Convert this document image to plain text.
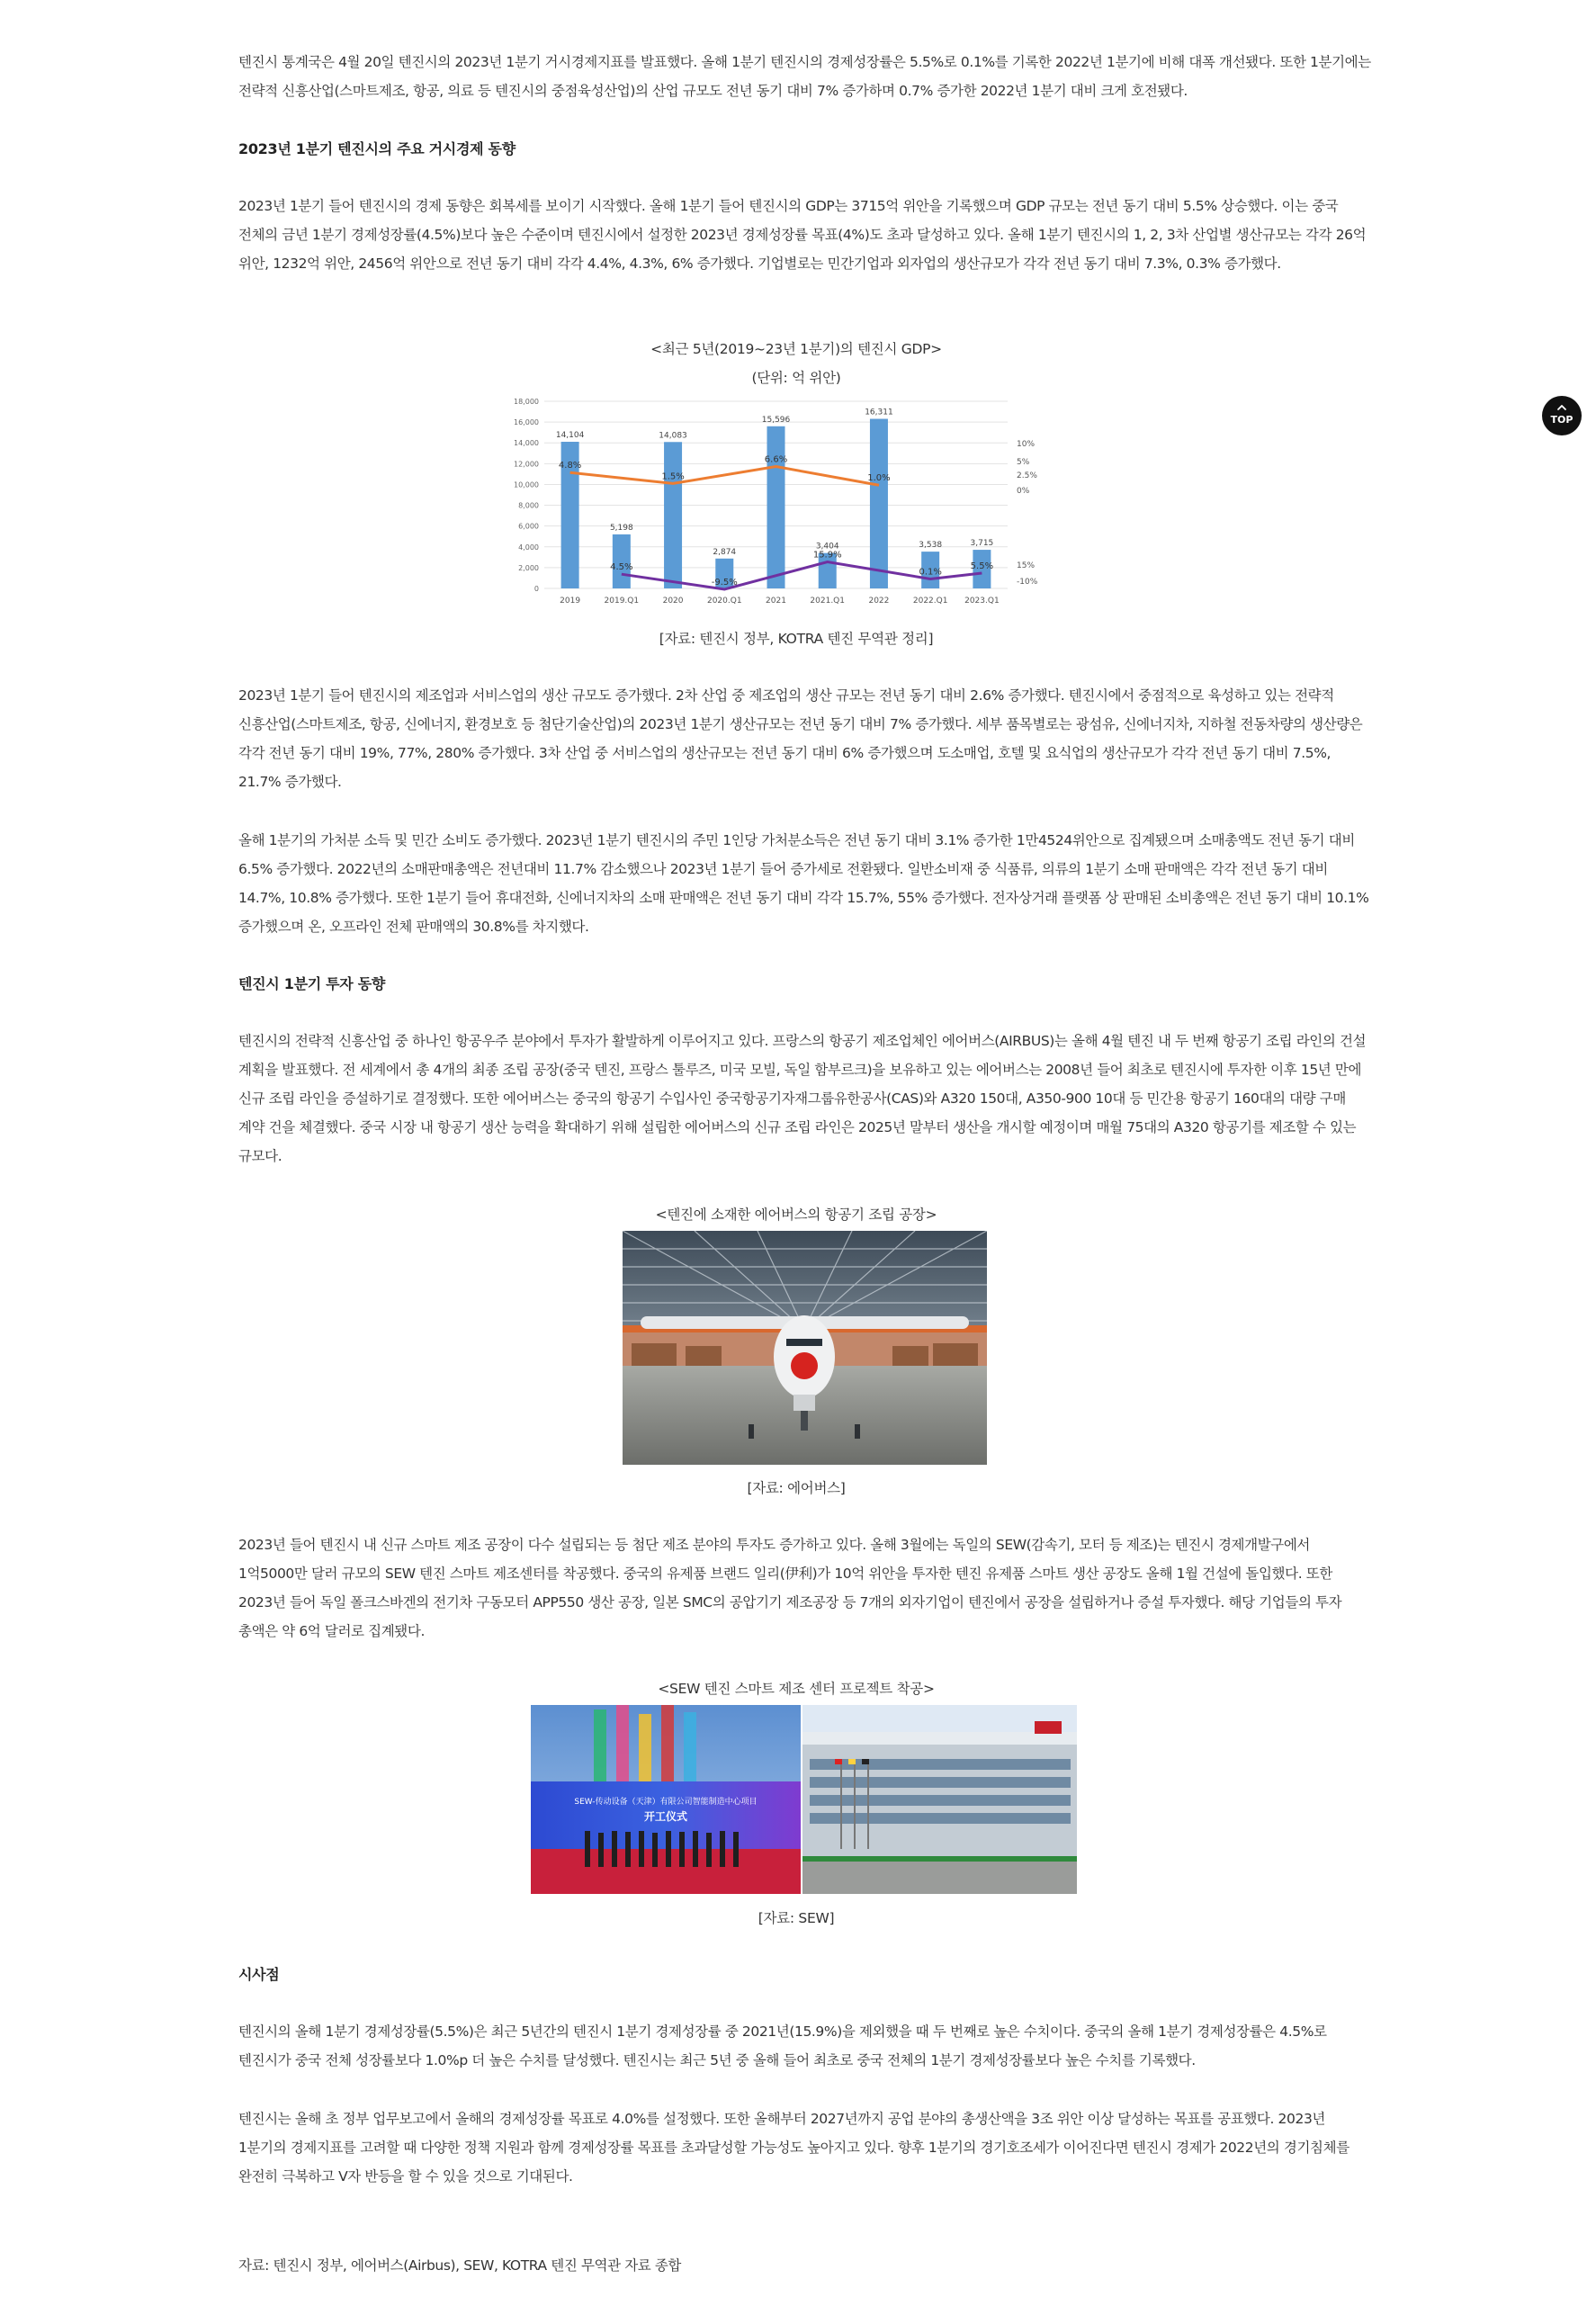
텐진시 통계국은 4월 20일 텐진시의 2023년 1분기 거시경제지표를 발표했다. 올해 1분기 텐진시의 경제성장률은 5.5%로 0.1%를 기록한 2022년 1분기에 비해 대폭 개선됐다. 또한 1분기에는 전략적 신흥산업(스마트제조, 항공, 의료 등 텐진시의 중점육성산업)의 산업 규모도 전년 동기 대비 7% 증가하며 0.7% 증가한 2022년 1분기 대비 크게 호전됐다.
2023년 1분기 텐진시의 주요 거시경제 동향
2023년 1분기 들어 텐진시의 경제 동향은 회복세를 보이기 시작했다. 올해 1분기 들어 텐진시의 GDP는 3715억 위안을 기록했으며 GDP 규모는 전년 동기 대비 5.5% 상승했다. 이는 중국 전체의 금년 1분기 경제성장률(4.5%)보다 높은 수준이며 텐진시에서 설정한 2023년 경제성장률 목표(4%)도 초과 달성하고 있다. 올해 1분기 텐진시의 1, 2, 3차 산업별 생산규모는 각각 26억 위안, 1232억 위안, 2456억 위안으로 전년 동기 대비 각각 4.4%, 4.3%, 6% 증가했다. 기업별로는 민간기업과 외자업의 생산규모가 각각 전년 동기 대비 7.3%, 0.3% 증가했다.
<최근 5년(2019~23년 1분기)의 텐진시 GDP>
(단위: 억 위안)
0
2,000
4,000
6,000
8,000
10,000
12,000
14,000
16,000
18,000
14,104
2019
5,198
2019.Q1
14,083
2020
2,874
2020.Q1
15,596
2021
3,404
2021.Q1
16,311
2022
3,538
2022.Q1
3,715
2023.Q1
4.8%
1.5%
6.6%
1.0%
4.5%
-9.5%
15.9%
0.1%
5.5%
10%
5%
2.5%
0%
15%
-10%
[자료: 텐진시 정부, KOTRA 텐진 무역관 정리]
2023년 1분기 들어 텐진시의 제조업과 서비스업의 생산 규모도 증가했다. 2차 산업 중 제조업의 생산 규모는 전년 동기 대비 2.6% 증가했다. 텐진시에서 중점적으로 육성하고 있는 전략적 신흥산업(스마트제조, 항공, 신에너지, 환경보호 등 첨단기술산업)의 2023년 1분기 생산규모는 전년 동기 대비 7% 증가했다. 세부 품목별로는 광섬유, 신에너지차, 지하철 전동차량의 생산량은 각각 전년 동기 대비 19%, 77%, 280% 증가했다. 3차 산업 중 서비스업의 생산규모는 전년 동기 대비 6% 증가했으며 도소매업, 호텔 및 요식업의 생산규모가 각각 전년 동기 대비 7.5%, 21.7% 증가했다.
올해 1분기의 가처분 소득 및 민간 소비도 증가했다. 2023년 1분기 텐진시의 주민 1인당 가처분소득은 전년 동기 대비 3.1% 증가한 1만4524위안으로 집계됐으며 소매총액도 전년 동기 대비 6.5% 증가했다. 2022년의 소매판매총액은 전년대비 11.7% 감소했으나 2023년 1분기 들어 증가세로 전환됐다. 일반소비재 중 식품류, 의류의 1분기 소매 판매액은 각각 전년 동기 대비 14.7%, 10.8% 증가했다. 또한 1분기 들어 휴대전화, 신에너지차의 소매 판매액은 전년 동기 대비 각각 15.7%, 55% 증가했다. 전자상거래 플랫폼 상 판매된 소비총액은 전년 동기 대비 10.1% 증가했으며 온, 오프라인 전체 판매액의 30.8%를 차지했다.
텐진시 1분기 투자 동향
텐진시의 전략적 신흥산업 중 하나인 항공우주 분야에서 투자가 활발하게 이루어지고 있다. 프랑스의 항공기 제조업체인 에어버스(AIRBUS)는 올해 4월 텐진 내 두 번째 항공기 조립 라인의 건설 계획을 발표했다. 전 세계에서 총 4개의 최종 조립 공장(중국 텐진, 프랑스 툴루즈, 미국 모빌, 독일 함부르크)을 보유하고 있는 에어버스는 2008년 들어 최초로 텐진시에 투자한 이후 15년 만에 신규 조립 라인을 증설하기로 결정했다. 또한 에어버스는 중국의 항공기 수입사인 중국항공기자재그룹유한공사(CAS)와 A320 150대, A350-900 10대 등 민간용 항공기 160대의 대량 구매 계약 건을 체결했다. 중국 시장 내 항공기 생산 능력을 확대하기 위해 설립한 에어버스의 신규 조립 라인은 2025년 말부터 생산을 개시할 예정이며 매월 75대의 A320 항공기를 제조할 수 있는 규모다.
<텐진에 소재한 에어버스의 항공기 조립 공장>
[자료: 에어버스]
2023년 들어 텐진시 내 신규 스마트 제조 공장이 다수 설립되는 등 첨단 제조 분야의 투자도 증가하고 있다. 올해 3월에는 독일의 SEW(감속기, 모터 등 제조)는 텐진시 경제개발구에서 1억5000만 달러 규모의 SEW 텐진 스마트 제조센터를 착공했다. 중국의 유제품 브랜드 일리(伊利)가 10억 위안을 투자한 텐진 유제품 스마트 생산 공장도 올해 1월 건설에 돌입했다. 또한 2023년 들어 독일 폴크스바겐의 전기차 구동모터 APP550 생산 공장, 일본 SMC의 공압기기 제조공장 등 7개의 외자기업이 텐진에서 공장을 설립하거나 증설 투자했다. 해당 기업들의 투자 총액은 약 6억 달러로 집계됐다.
<SEW 텐진 스마트 제조 센터 프로젝트 착공>
SEW-传动设备（天津）有限公司智能制造中心项目
开工仪式
[자료: SEW]
시사점
텐진시의 올해 1분기 경제성장률(5.5%)은 최근 5년간의 텐진시 1분기 경제성장률 중 2021년(15.9%)을 제외했을 때 두 번째로 높은 수치이다. 중국의 올해 1분기 경제성장률은 4.5%로 텐진시가 중국 전체 성장률보다 1.0%p 더 높은 수치를 달성했다. 텐진시는 최근 5년 중 올해 들어 최초로 중국 전체의 1분기 경제성장률보다 높은 수치를 기록했다.
텐진시는 올해 초 정부 업무보고에서 올해의 경제성장률 목표로 4.0%를 설정했다. 또한 올해부터 2027년까지 공업 분야의 총생산액을 3조 위안 이상 달성하는 목표를 공표했다. 2023년 1분기의 경제지표를 고려할 때 다양한 정책 지원과 함께 경제성장률 목표를 초과달성할 가능성도 높아지고 있다. 향후 1분기의 경기호조세가 이어진다면 텐진시 경제가 2022년의 경기침체를 완전히 극복하고 V자 반등을 할 수 있을 것으로 기대된다.
자료: 텐진시 정부, 에어버스(Airbus), SEW, KOTRA 텐진 무역관 자료 종합
TOP
